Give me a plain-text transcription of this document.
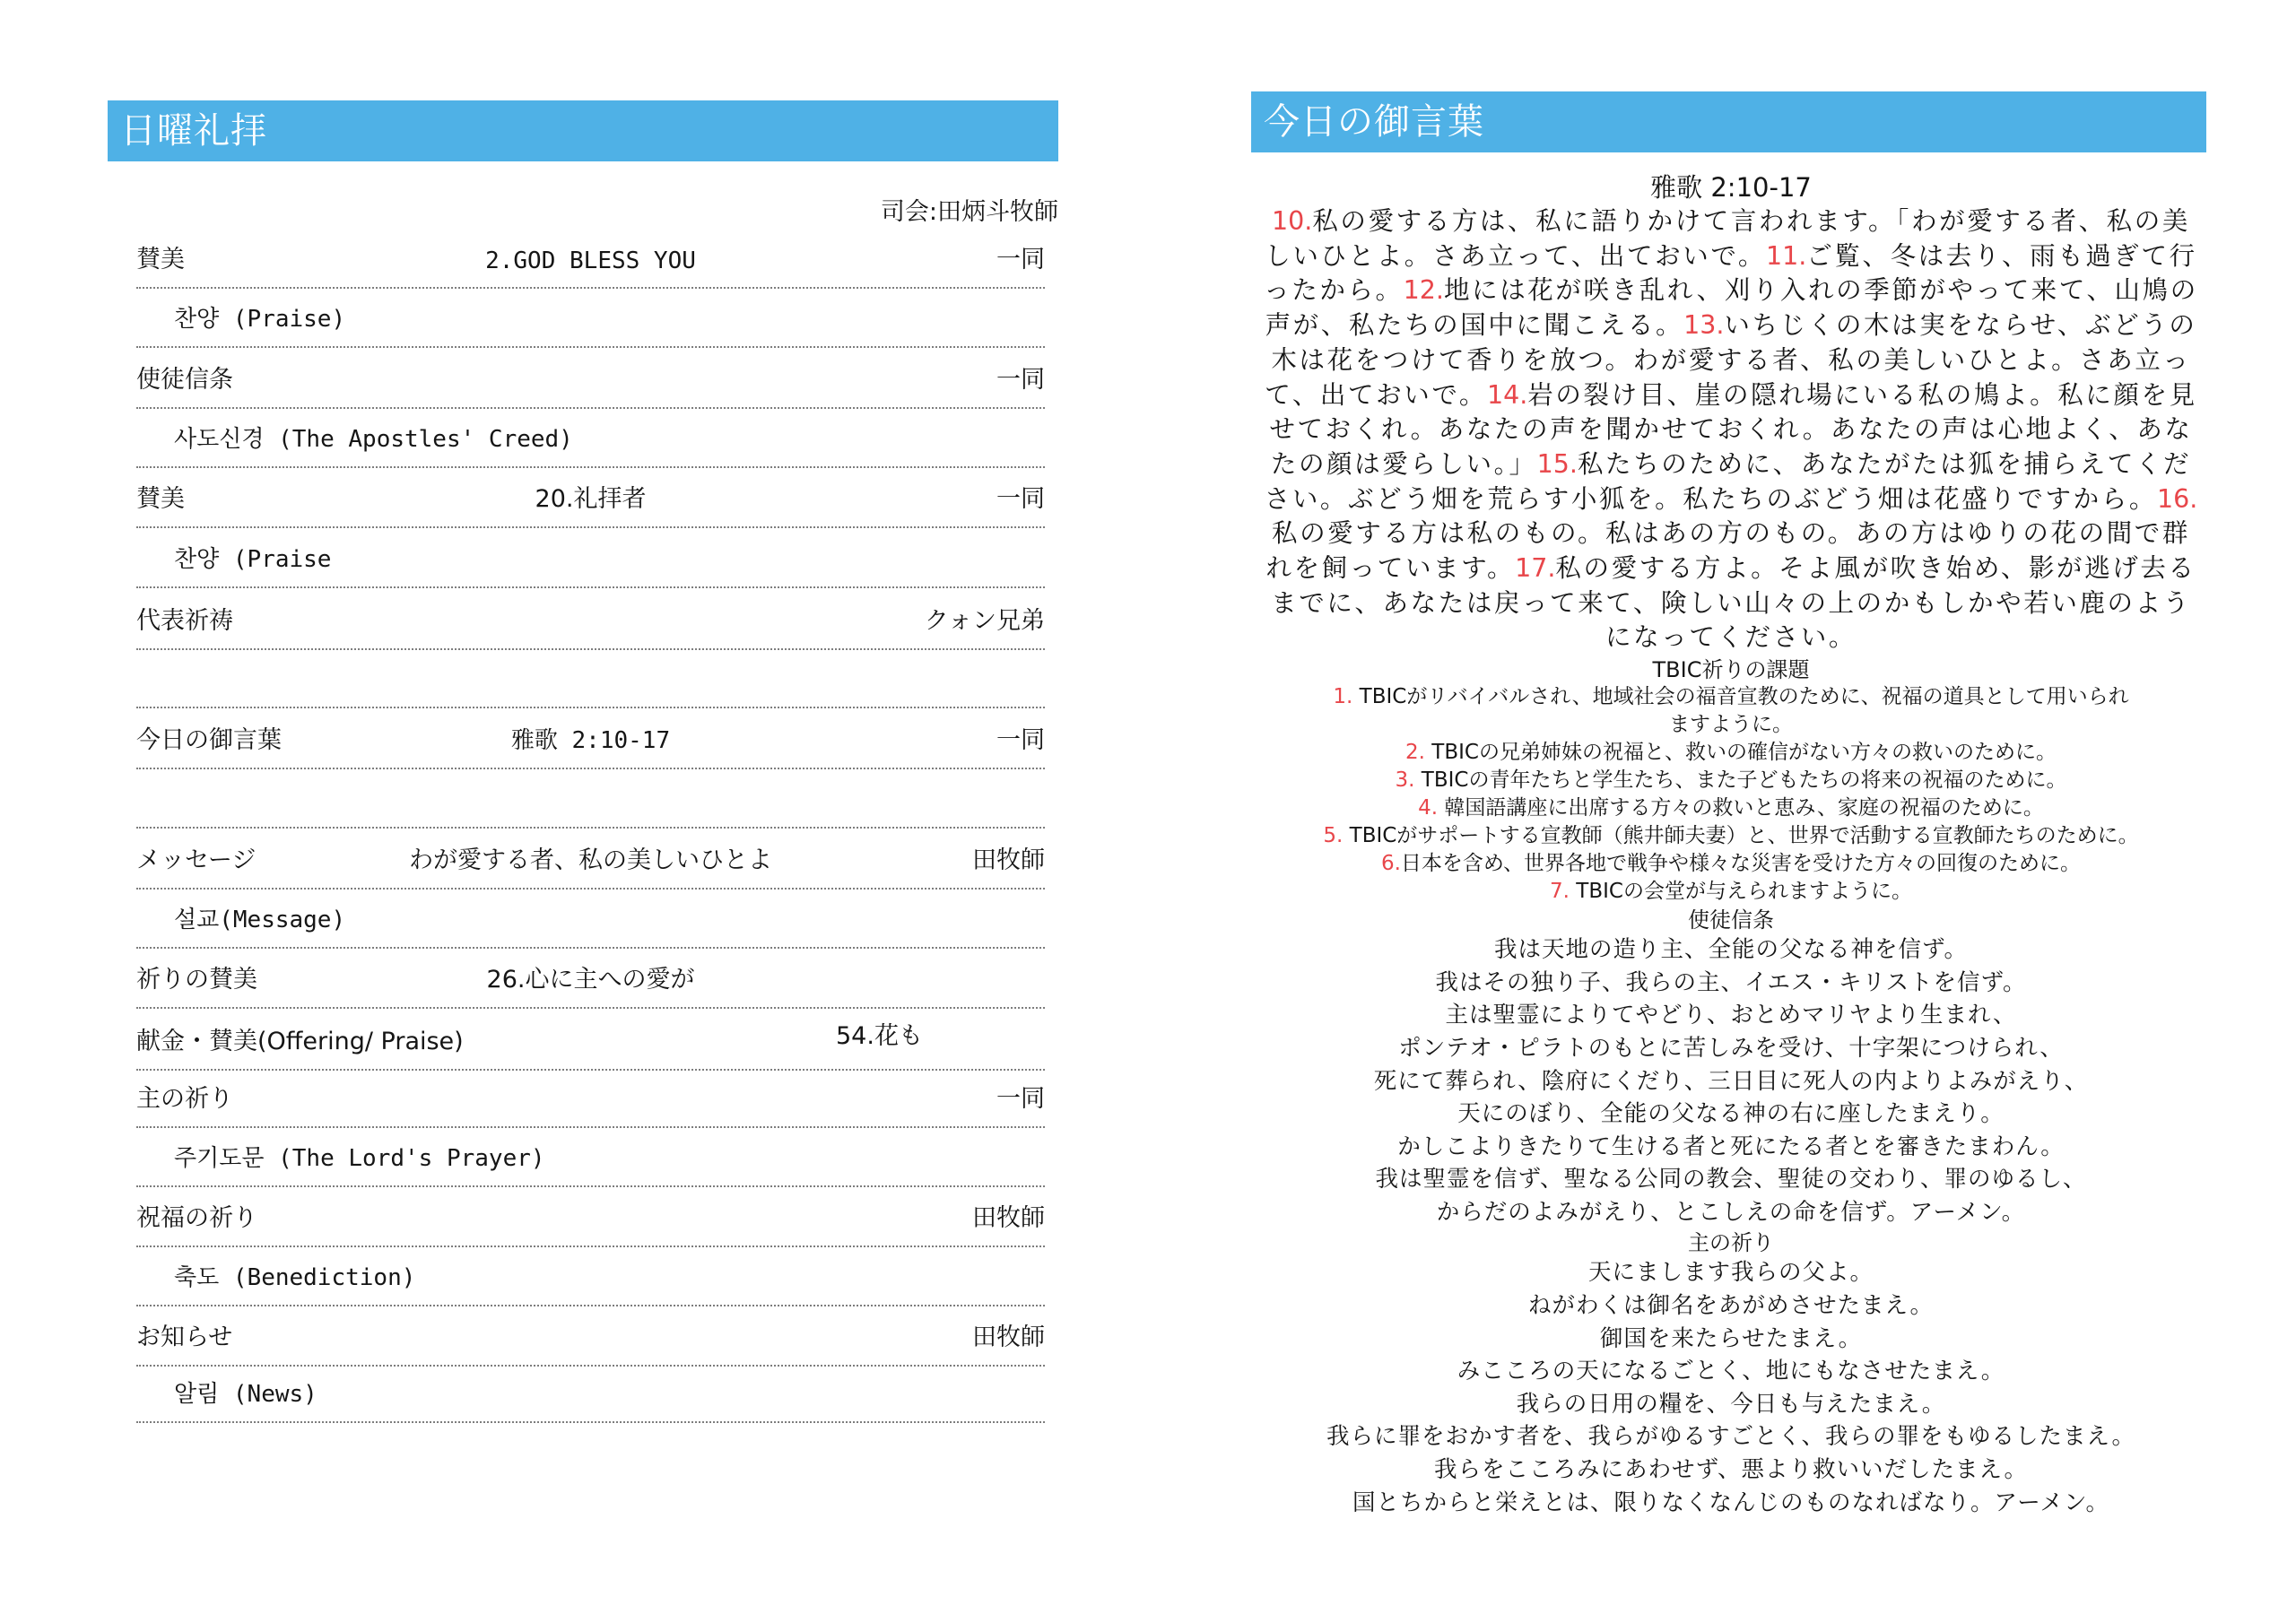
日曜礼拝
司会:田炳斗牧師
賛美	2.GOD BLESS YOU	一同
찬양 (Praise)
使徒信条	一同
사도신경 (The Apostles' Creed)
賛美	20.礼拝者	一同
찬양 (Praise
代表祈祷	クォン兄弟
今日の御言葉	雅歌 2:10-17	一同
メッセージ	わが愛する者、私の美しいひとよ	田牧師
설교(Message)
祈りの賛美	26.心に主への愛が
献金・賛美(Offering/ Praise)	54.花も
主の祈り	一同
주기도문 (The Lord's Prayer)
祝福の祈り	田牧師
축도 (Benediction)
お知らせ	田牧師
알림 (News)
今日の御言葉
雅歌 2:10-17
10.私の愛する方は、私に語りかけて言われます。「わが愛する者、私の美
しいひとよ。さあ立って、出ておいで。11.ご覧、冬は去り、雨も過ぎて行
ったから。12.地には花が咲き乱れ、刈り入れの季節がやって来て、山鳩の
声が、私たちの国中に聞こえる。13.いちじくの木は実をならせ、ぶどうの
木は花をつけて香りを放つ。わが愛する者、私の美しいひとよ。さあ立っ
て、出ておいで。14.岩の裂け目、崖の隠れ場にいる私の鳩よ。私に顔を見
せておくれ。あなたの声を聞かせておくれ。あなたの声は心地よく、あな
たの顔は愛らしい。」15.私たちのために、あなたがたは狐を捕らえてくだ
さい。ぶどう畑を荒らす小狐を。私たちのぶどう畑は花盛りですから。16.
私の愛する方は私のもの。私はあの方のもの。あの方はゆりの花の間で群
れを飼っています。17.私の愛する方よ。そよ風が吹き始め、影が逃げ去る
までに、あなたは戻って来て、険しい山々の上のかもしかや若い鹿のよう
になってください。
TBIC祈りの課題
1. TBICがリバイバルされ、地域社会の福音宣教のために、祝福の道具として用いられ
ますように。
2. TBICの兄弟姉妹の祝福と、救いの確信がない方々の救いのために。
3. TBICの青年たちと学生たち、また子どもたちの将来の祝福のために。
4. 韓国語講座に出席する方々の救いと恵み、家庭の祝福のために。
5. TBICがサポートする宣教師（熊井師夫妻）と、世界で活動する宣教師たちのために。
6.日本を含め、世界各地で戦争や様々な災害を受けた方々の回復のために。
7. TBICの会堂が与えられますように。
使徒信条
我は天地の造り主、全能の父なる神を信ず。
我はその独り子、我らの主、イエス・キリストを信ず。
主は聖霊によりてやどり、おとめマリヤより生まれ、
ポンテオ・ピラトのもとに苦しみを受け、十字架につけられ、
死にて葬られ、陰府にくだり、三日目に死人の内よりよみがえり、
天にのぼり、全能の父なる神の右に座したまえり。
かしこよりきたりて生ける者と死にたる者とを審きたまわん。
我は聖霊を信ず、聖なる公同の教会、聖徒の交わり、罪のゆるし、
からだのよみがえり、とこしえの命を信ず。アーメン。
主の祈り
天にまします我らの父よ。
ねがわくは御名をあがめさせたまえ。
御国を来たらせたまえ。
みこころの天になるごとく、地にもなさせたまえ。
我らの日用の糧を、今日も与えたまえ。
我らに罪をおかす者を、我らがゆるすごとく、我らの罪をもゆるしたまえ。
我らをこころみにあわせず、悪より救いいだしたまえ。
国とちからと栄えとは、限りなくなんじのものなればなり。アーメン。
